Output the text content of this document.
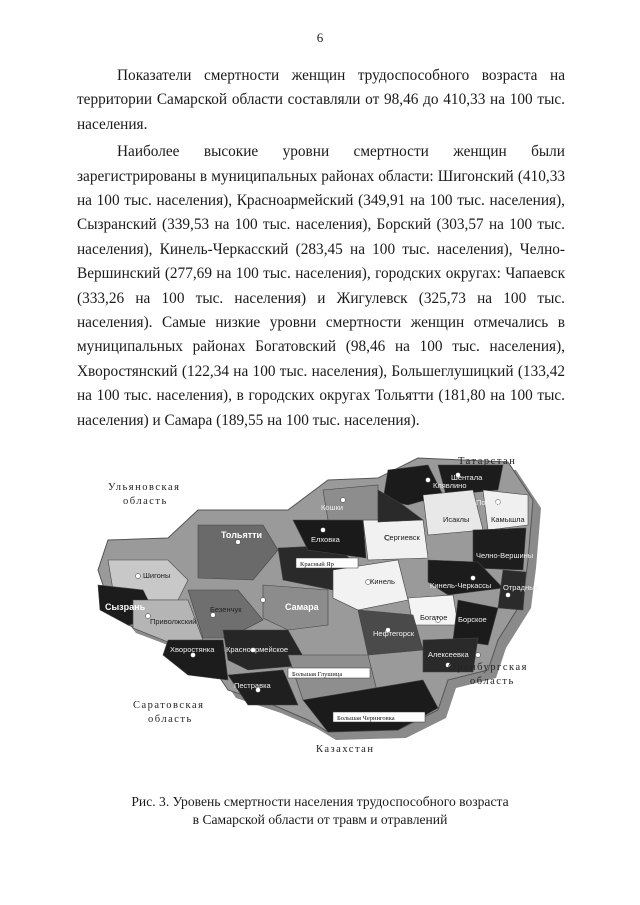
6

Показатели смертности женщин трудоспособного возраста на территории Самарской области составляли от 98,46 до 410,33 на 100 тыс. населения.

Наиболее высокие уровни смертности женщин были зарегистрированы в муниципальных районах области: Шигонский (410,33 на 100 тыс. населения), Красноармейский (349,91 на 100 тыс. населения), Сызранский (339,53 на 100 тыс. населения), Борский (303,57 на 100 тыс. населения), Кинель-Черкасский (283,45 на 100 тыс. населения), Челно-Вершинский (277,69 на 100 тыс. населения), городских округах: Чапаевск (333,26 на 100 тыс. населения) и Жигулевск (325,73 на 100 тыс. населения). Самые низкие уровни смертности женщин отмечались в муниципальных районах Богатовский (98,46 на 100 тыс. населения), Хворостянский (122,34 на 100 тыс. населения), Большеглушицкий (133,42 на 100 тыс. населения), в городских округах Тольятти (181,80 на 100 тыс. населения) и Самара (189,55 на 100 тыс. населения).

Татарстан
Ульяновская
область
Оренбургская
область
Саратовская
область
Казахстан
Тольятти
Самара
Сызрань
Шигоны
Безенчук
Приволжский
Кинель
Сергиевск
Исаклы	Камышла
Богатое
Кошки
Елховка
Шентала
Клявлино
Похвистнево
Челно-Вершины
Кинель-Черкассы
Борское
Нефтегорск
Алексеевка
Хворостянка Красноармейское
Пестравка
Отрадный
Красный Яр
Большая Глушица
Большая Черниговка
Рис. 3. Уровень смертности населения трудоспособного возраста
в Самарской области от травм и отравлений
